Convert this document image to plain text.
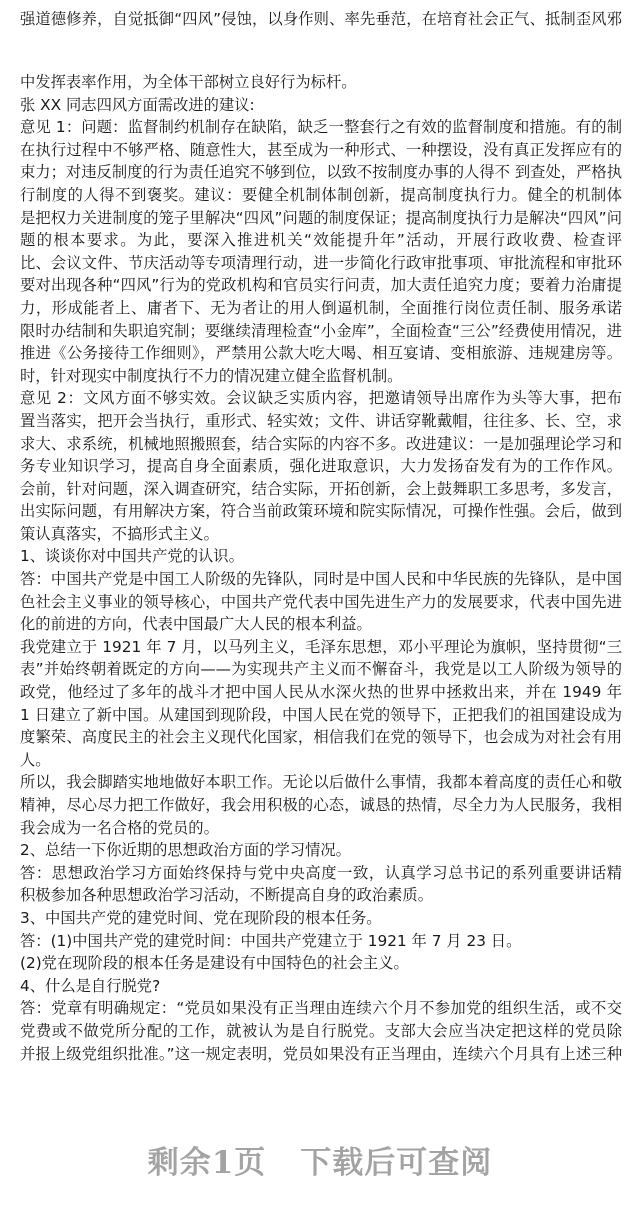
强道德修养，自觉抵御“四风”侵蚀，以身作则、率先垂范，在培育社会正气、抵制歪风邪
中发挥表率作用，为全体干部树立良好行为标杆。
张 XX 同志四风方面需改进的建议:
意见 1：问题：监督制约机制存在缺陷，缺乏一整套行之有效的监督制度和措施。有的制
在执行过程中不够严格、随意性大，甚至成为一种形式、一种摆设，没有真正发挥应有的
束力；对违反制度的行为责任追究不够到位，以致不按制度办事的人得不 到查处，严格执
行制度的人得不到褒奖。建议：要健全机制体制创新，提高制度执行力。健全的机制体
是把权力关进制度的笼子里解决“四风”问题的制度保证；提高制度执行力是解决“四风”问
题的根本要求。为此，要深入推进机关“效能提升年”活动，开展行政收费、检查评
比、会议文件、节庆活动等专项清理行动，进一步简化行政审批事项、审批流程和审批环
要对出现各种“四风”行为的党政机构和官员实行问责，加大责任追究力度；要着力治庸提
力，形成能者上、庸者下、无为者让的用人倒逼机制，全面推行岗位责任制、服务承诺
限时办结制和失职追究制；要继续清理检查“小金库”，全面检查“三公”经费使用情况，进
推进《公务接待工作细则》，严禁用公款大吃大喝、相互宴请、变相旅游、违规建房等。
时，针对现实中制度执行不力的情况建立健全监督机制。
意见 2：文风方面不够实效。会议缺乏实质内容，把邀请领导出席作为头等大事，把布
置当落实，把开会当执行，重形式、轻实效；文件、讲话穿靴戴帽，往往多、长、空，求
求大、求系统，机械地照搬照套，结合实际的内容不多。改进建议：一是加强理论学习和
务专业知识学习，提高自身全面素质，强化进取意识，大力发扬奋发有为的工作作风。
会前，针对问题，深入调查研究，结合实际，开拓创新，会上鼓舞职工多思考，多发言，
出实际问题，有用解决方案，符合当前政策环境和院实际情况，可操作性强。会后，做到
策认真落实，不搞形式主义。
1、谈谈你对中国共产党的认识。
答：中国共产党是中国工人阶级的先锋队，同时是中国人民和中华民族的先锋队，是中国
色社会主义事业的领导核心，中国共产党代表中国先进生产力的发展要求，代表中国先进
化的前进的方向，代表中国最广大人民的根本利益。
我党建立于 1921 年 7 月，以马列主义，毛泽东思想，邓小平理论为旗帜，坚持贯彻“三
表”并始终朝着既定的方向——为实现共产主义而不懈奋斗，我党是以工人阶级为领导的
政党，他经过了多年的战斗才把中国人民从水深火热的世界中拯救出来，并在 1949 年
1 日建立了新中国。从建国到现阶段，中国人民在党的领导下，正把我们的祖国建设成为
度繁荣、高度民主的社会主义现代化国家，相信我们在党的领导下，也会成为对社会有用
人。
所以，我会脚踏实地地做好本职工作。无论以后做什么事情，我都本着高度的责任心和敬
精神，尽心尽力把工作做好，我会用积极的心态，诚恳的热情，尽全力为人民服务，我相
我会成为一名合格的党员的。
2、总结一下你近期的思想政治方面的学习情况。
答：思想政治学习方面始终保持与党中央高度一致，认真学习总书记的系列重要讲话精
积极参加各种思想政治学习活动，不断提高自身的政治素质。
3、中国共产党的建党时间、党在现阶段的根本任务。
答：(1)中国共产党的建党时间：中国共产党建立于 1921 年 7 月 23 日。
(2)党在现阶段的根本任务是建设有中国特色的社会主义。
4、什么是自行脱党?
答：党章有明确规定：“党员如果没有正当理由连续六个月不参加党的组织生活，或不交
党费或不做党所分配的工作，就被认为是自行脱党。支部大会应当决定把这样的党员除
并报上级党组织批准。”这一规定表明，党员如果没有正当理由，连续六个月具有上述三种
剩余1页 下载后可查阅
